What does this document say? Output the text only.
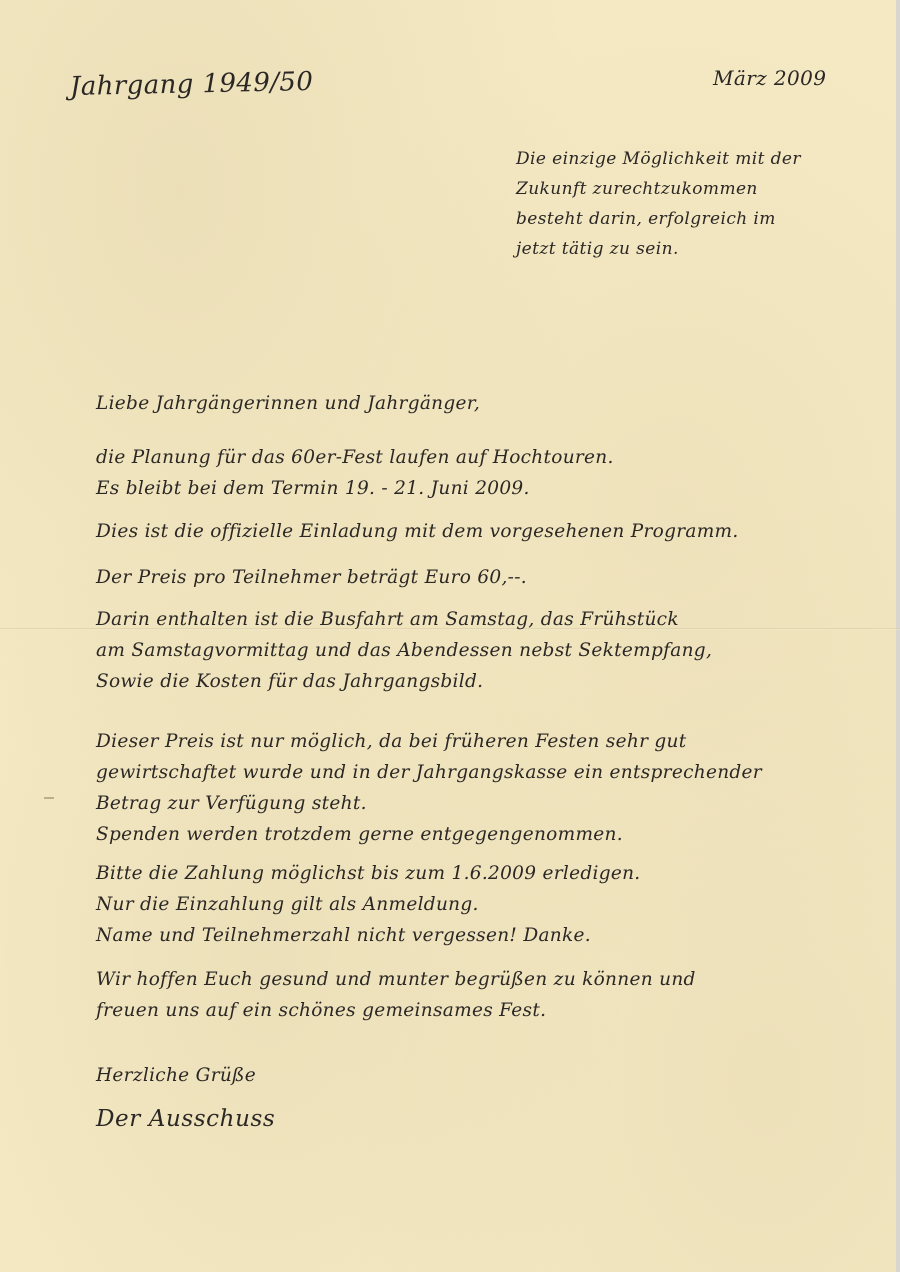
Jahrgang 1949/50	März 2009
Die einzige Möglichkeit mit der
Zukunft zurechtzukommen
besteht darin, erfolgreich im
jetzt tätig zu sein.
Liebe Jahrgängerinnen und Jahrgänger,
die Planung für das 60er-Fest laufen auf Hochtouren.
Es bleibt bei dem Termin 19. - 21. Juni 2009.
Dies ist die offizielle Einladung mit dem vorgesehenen Programm.
Der Preis pro Teilnehmer beträgt Euro 60,--.
Darin enthalten ist die Busfahrt am Samstag, das Frühstück
am Samstagvormittag und das Abendessen nebst Sektempfang,
Sowie die Kosten für das Jahrgangsbild.
Dieser Preis ist nur möglich, da bei früheren Festen sehr gut
gewirtschaftet wurde und in der Jahrgangskasse ein entsprechender
Betrag zur Verfügung steht.
Spenden werden trotzdem gerne entgegengenommen.
Bitte die Zahlung möglichst bis zum 1.6.2009 erledigen.
Nur die Einzahlung gilt als Anmeldung.
Name und Teilnehmerzahl nicht vergessen! Danke.
Wir hoffen Euch gesund und munter begrüßen zu können und
freuen uns auf ein schönes gemeinsames Fest.
Herzliche Grüße
Der Ausschuss
